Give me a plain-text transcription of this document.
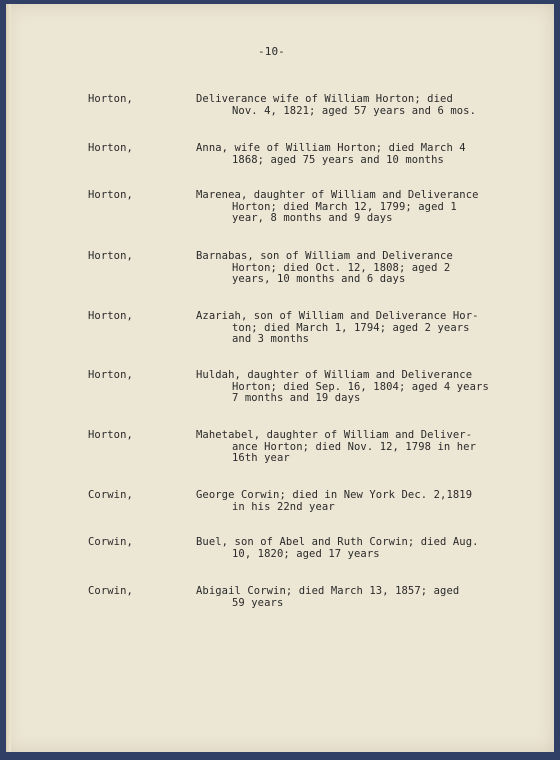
-10-
Horton,	Deliverance wife of William Horton; died
Nov. 4, 1821; aged 57 years and 6 mos.
Horton,	Anna, wife of William Horton; died March 4
1868; aged 75 years and 10 months
Horton,	Marenea, daughter of William and Deliverance
Horton; died March 12, 1799; aged 1
year, 8 months and 9 days
Horton,	Barnabas, son of William and Deliverance
Horton; died Oct. 12, 1808; aged 2
years, 10 months and 6 days
Horton,	Azariah, son of William and Deliverance Hor-
ton; died March 1, 1794; aged 2 years
and 3 months
Horton,	Huldah, daughter of William and Deliverance
Horton; died Sep. 16, 1804; aged 4 years
7 months and 19 days
Horton,	Mahetabel, daughter of William and Deliver-
ance Horton; died Nov. 12, 1798 in her
16th year
Corwin,	George Corwin; died in New York Dec. 2,1819
in his 22nd year
Corwin,	Buel, son of Abel and Ruth Corwin; died Aug.
10, 1820; aged 17 years
Corwin,	Abigail Corwin; died March 13, 1857; aged
59 years
